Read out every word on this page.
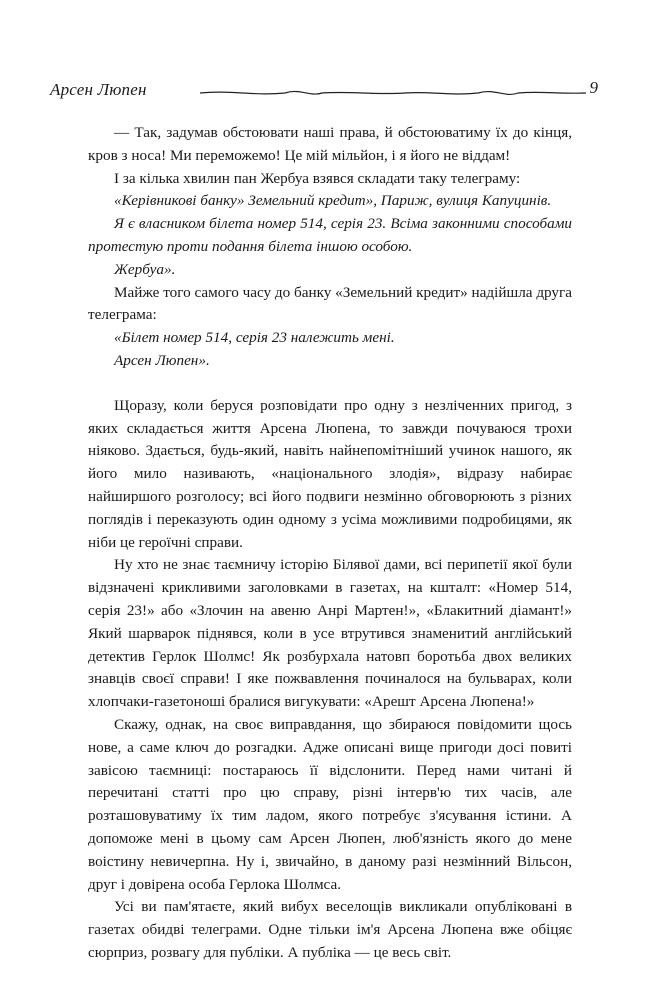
Арсен Люпен	9

— Так, задумав обстоювати наші права, й обстоюватиму їх до кінця, кров з носа! Ми переможемо! Це мій мільйон, і я його не віддам!

І за кілька хвилин пан Жербуа взявся складати таку телеграму:

«Керівникові банку» Земельний кредит», Париж, вулиця Капуцинів.

Я є власником білета номер 514, серія 23. Всіма законними способами протестую проти подання білета іншою особою.

Жербуа».

Майже того самого часу до банку «Земельний кредит» надійшла друга телеграма:

«Білет номер 514, серія 23 належить мені.

Арсен Люпен».

Щоразу, коли беруся розповідати про одну з незліченних пригод, з яких складається життя Арсена Люпена, то завжди почуваюся трохи ніяково. Здається, будь-який, навіть найнепомітніший учинок нашого, як його мило називають, «національного злодія», відразу набирає найширшого розголосу; всі його подвиги незмінно обговорюють з різних поглядів і переказують один одному з усіма можливими подробицями, як ніби це героїчні справи.

Ну хто не знає таємничу історію Білявої дами, всі перипетії якої були відзначені крикливими заголовками в газетах, на кшталт: «Номер 514, серія 23!» або «Злочин на авеню Анрі Мартен!», «Блакитний діамант!» Який шарварок піднявся, коли в усе втрутився знаменитий англійський детектив Герлок Шолмс! Як розбурхала натовп боротьба двох великих знавців своєї справи! І яке пожвавлення починалося на бульварах, коли хлопчаки-газетоноші бралися вигукувати: «Арешт Арсена Люпена!»

Скажу, однак, на своє виправдання, що збираюся повідомити щось нове, а саме ключ до розгадки. Адже описані вище пригоди досі повиті завісою таємниці: постараюсь її відслонити. Перед нами читані й перечитані статті про цю справу, різні інтерв'ю тих часів, але розташовуватиму їх тим ладом, якого потребує з'ясування істини. А допоможе мені в цьому сам Арсен Люпен, люб'язність якого до мене воістину невичерпна. Ну і, звичайно, в даному разі незмінний Вільсон, друг і довірена особа Герлока Шолмса.

Усі ви пам'ятаєте, який вибух веселощів викликали опубліковані в газетах обидві телеграми. Одне тільки ім'я Арсена Люпена вже обіцяє сюрприз, розвагу для публіки. А публіка — це весь світ.
